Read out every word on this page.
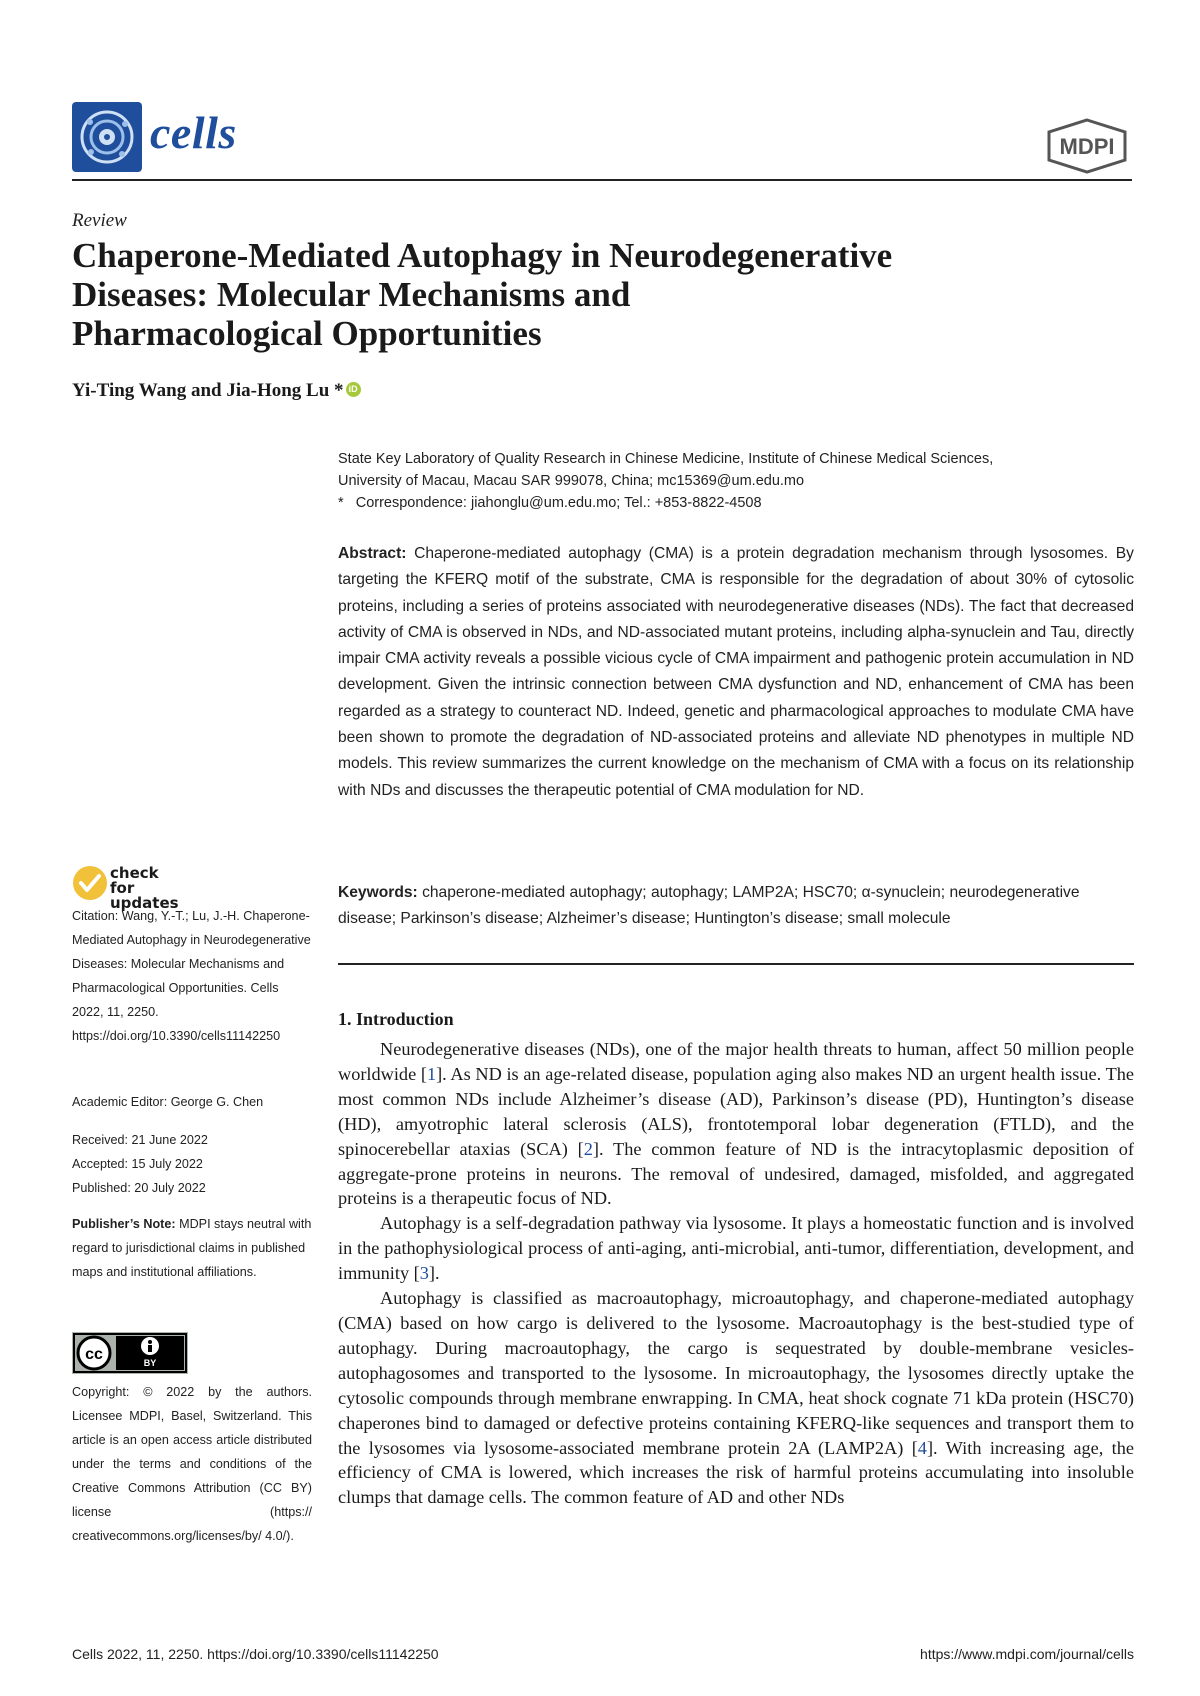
cells	MDPI
Review
Chaperone-Mediated Autophagy in Neurodegenerative
Diseases: Molecular Mechanisms and
Pharmacological Opportunities
Yi-Ting Wang and Jia-Hong Lu * iD

State Key Laboratory of Quality Research in Chinese Medicine, Institute of Chinese Medical Sciences,

University of Macau, Macau SAR 999078, China; mc15369@um.edu.mo

*   Correspondence: jiahonglu@um.edu.mo; Tel.: +853-8822-4508

Abstract: Chaperone-mediated autophagy (CMA) is a protein degradation mechanism through lysosomes. By targeting the KFERQ motif of the substrate, CMA is responsible for the degradation of about 30% of cytosolic proteins, including a series of proteins associated with neurodegenerative diseases (NDs). The fact that decreased activity of CMA is observed in NDs, and ND-associated mutant proteins, including alpha-synuclein and Tau, directly impair CMA activity reveals a possible vicious cycle of CMA impairment and pathogenic protein accumulation in ND development. Given the intrinsic connection between CMA dysfunction and ND, enhancement of CMA has been regarded as a strategy to counteract ND. Indeed, genetic and pharmacological approaches to modulate CMA have been shown to promote the degradation of ND-associated proteins and alleviate ND phenotypes in multiple ND models. This review summarizes the current knowledge on the mechanism of CMA with a focus on its relationship with NDs and discusses the therapeutic potential of CMA modulation for ND.
Keywords: chaperone-mediated autophagy; autophagy; LAMP2A; HSC70; α-synuclein; neurodegenerative disease; Parkinson’s disease; Alzheimer’s disease; Huntington’s disease; small molecule
1. Introduction

Neurodegenerative diseases (NDs), one of the major health threats to human, affect 50 million people worldwide [1]. As ND is an age-related disease, population aging also makes ND an urgent health issue. The most common NDs include Alzheimer’s disease (AD), Parkinson’s disease (PD), Huntington’s disease (HD), amyotrophic lateral sclerosis (ALS), frontotemporal lobar degeneration (FTLD), and the spinocerebellar ataxias (SCA) [2]. The common feature of ND is the intracytoplasmic deposition of aggregate-prone proteins in neurons. The removal of undesired, damaged, misfolded, and aggregated proteins is a therapeutic focus of ND.

Autophagy is a self-degradation pathway via lysosome. It plays a homeostatic function and is involved in the pathophysiological process of anti-aging, anti-microbial, anti-tumor, differentiation, development, and immunity [3].

Autophagy is classified as macroautophagy, microautophagy, and chaperone-mediated autophagy (CMA) based on how cargo is delivered to the lysosome. Macroautophagy is the best-studied type of autophagy. During macroautophagy, the cargo is sequestrated by double-membrane vesicles-autophagosomes and transported to the lysosome. In microautophagy, the lysosomes directly uptake the cytosolic compounds through membrane enwrapping. In CMA, heat shock cognate 71 kDa protein (HSC70) chaperones bind to damaged or defective proteins containing KFERQ-like sequences and transport them to the lysosomes via lysosome-associated membrane protein 2A (LAMP2A) [4]. With increasing age, the efficiency of CMA is lowered, which increases the risk of harmful proteins accumulating into insoluble clumps that damage cells. The common feature of AD and other NDs

check for
updates
Citation: Wang, Y.-T.; Lu, J.-H. Chaperone-Mediated Autophagy in Neurodegenerative Diseases: Molecular Mechanisms and Pharmacological Opportunities. Cells 2022, 11, 2250. https://doi.org/10.3390/cells11142250
Academic Editor: George G. Chen
Received: 21 June 2022
Accepted: 15 July 2022
Published: 20 July 2022
Publisher’s Note: MDPI stays neutral with regard to jurisdictional claims in published maps and institutional affiliations.
cc	BY
Copyright: © 2022 by the authors. Licensee MDPI, Basel, Switzerland. This article is an open access article distributed under the terms and conditions of the Creative Commons Attribution (CC BY) license (https:// creativecommons.org/licenses/by/ 4.0/).
Cells 2022, 11, 2250. https://doi.org/10.3390/cells11142250	https://www.mdpi.com/journal/cells
